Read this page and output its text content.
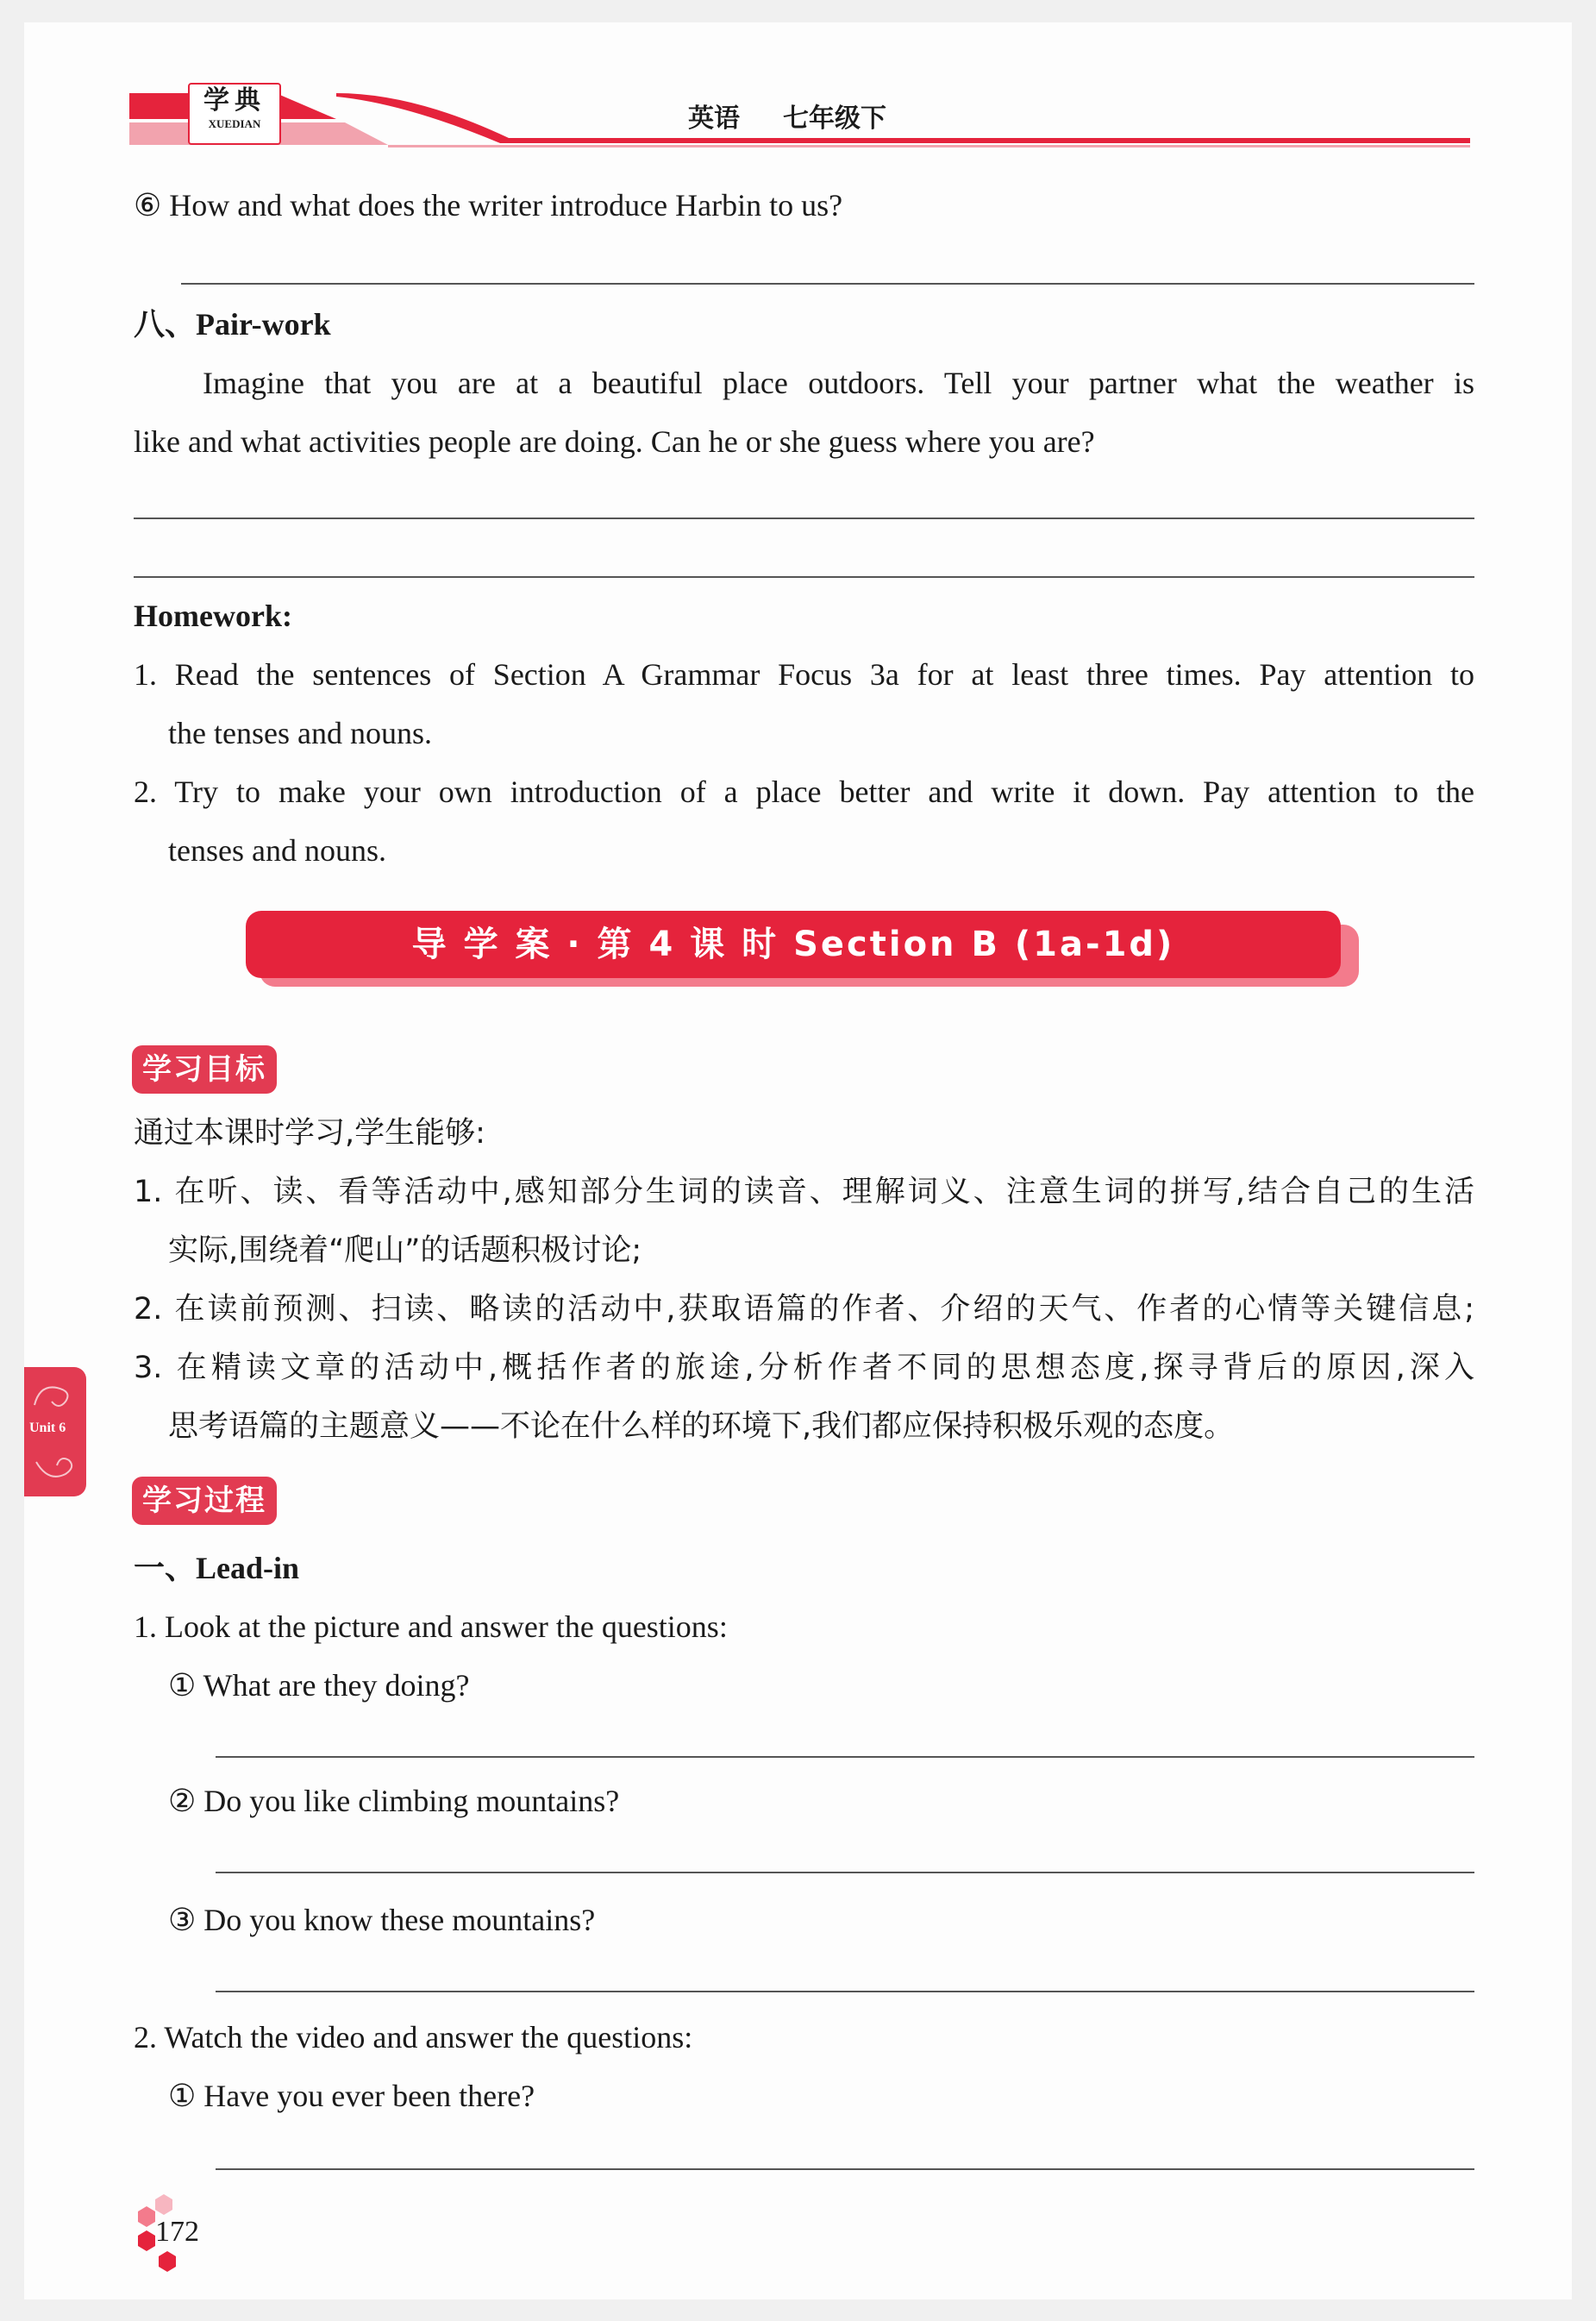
学典
XUEDIAN	英语 七年级下
⑥ How and what does the writer introduce Harbin to us?
八、Pair-work
Imagine that you are at a beautiful place outdoors. Tell your partner what the weather is
like and what activities people are doing. Can he or she guess where you are?
Homework:
1. Read the sentences of Section A Grammar Focus 3a for at least three times. Pay attention to
the tenses and nouns.
2. Try to make your own introduction of a place better and write it down. Pay attention to the
tenses and nouns.
导 学 案 · 第 4 课 时 Section B (1a-1d)
学习目标
通过本课时学习,学生能够:
1. 在听、读、看等活动中,感知部分生词的读音、理解词义、注意生词的拼写,结合自己的生活
实际,围绕着“爬山”的话题积极讨论;
2. 在读前预测、扫读、略读的活动中,获取语篇的作者、介绍的天气、作者的心情等关键信息;
3. 在精读文章的活动中,概括作者的旅途,分析作者不同的思想态度,探寻背后的原因,深入
思考语篇的主题意义——不论在什么样的环境下,我们都应保持积极乐观的态度。
Unit 6
学习过程
一、Lead-in
1. Look at the picture and answer the questions:
① What are they doing?
② Do you like climbing mountains?
③ Do you know these mountains?
2. Watch the video and answer the questions:
① Have you ever been there?
172
